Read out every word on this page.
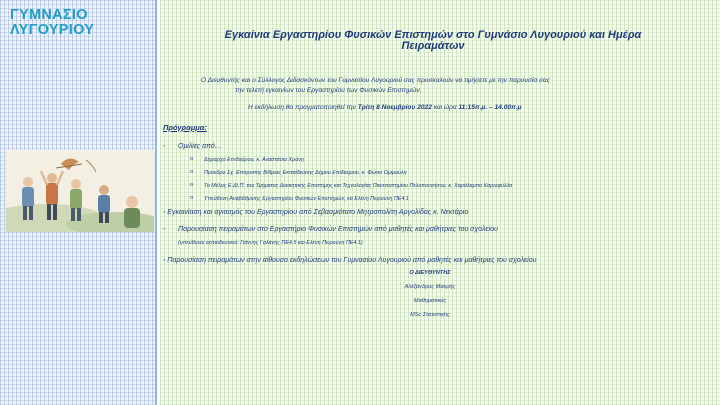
ΓΥΜΝΑΣΙΟ
ΛΥΓΟΥΡΙΟΥ	Εγκαίνια Εργαστηρίου Φυσικών Επιστημών στο Γυμνάσιο Λυγουριού και Ημέρα
Πειραμάτων
Ο Διευθυντής και ο Σύλλογος Διδασκόντων του Γυμνασίου Λυγουριού σας προσκαλούν να τιμήσετε με την παρουσία σας
την τελετή εγκαινίων του Εργαστηρίου των Φυσικών Επιστημών.
Η εκδήλωση θα πραγματοποιηθεί την Τρίτη 8 Νοεμβρίου 2022 και ώρα 11:15π.μ. – 14.00π.μ
Πρόγραμμα:
- Ομιλίες από…
o Δήμαρχο Επιδαύρου, κ. Αναστάσιο Χρόνη
o Πρόεδρο Σχ. Επιτροπής Β/θμιας Εκπαίδευσης Δήμου Επιδαύρου, κ. Φώτιο Ομιμούλη
o Το Μέλος Ε.ΔΙ.Π. του Τμήματος Διοικητικής Επιστήμης και Τεχνολογίας Πανεπιστημίου Πελοποννήσου, κ. Χαράλαμπο Καριοφύλλα
o Υπεύθυνη Αναβάθμισης Εργαστηρίου Φυσικών Επιστημών, κα Ελένη Πειρούνη ΠΕ4.1
- Εγκαινίαση και αγιασμός του Εργαστηρίου από Σεβασμιότατο Μητροπολίτη Αργολίδας κ. Νεκτάριο
- Παρουσίαση πειραμάτων στο Εργαστήριο Φυσικών Επιστημών από μαθητές και μαθήτριες του σχολείου
(υπεύθυνοι εκπαιδευτικοί: Γιάννης Γαλάνης ΠΕ4.5 και Ελένη Πειρούνη ΠΕ4.1)
- Παρουσίαση πειραμάτων στην αίθουσα εκδηλώσεων του Γυμνασίου Λυγουριού από μαθητές και μαθήτριες του σχολείου
Ο ΔΙΕΥΘΥΝΤΗΣ
Αλέξανδρος Μακρής
Μαθηματικός
MSc Στατιστικής
